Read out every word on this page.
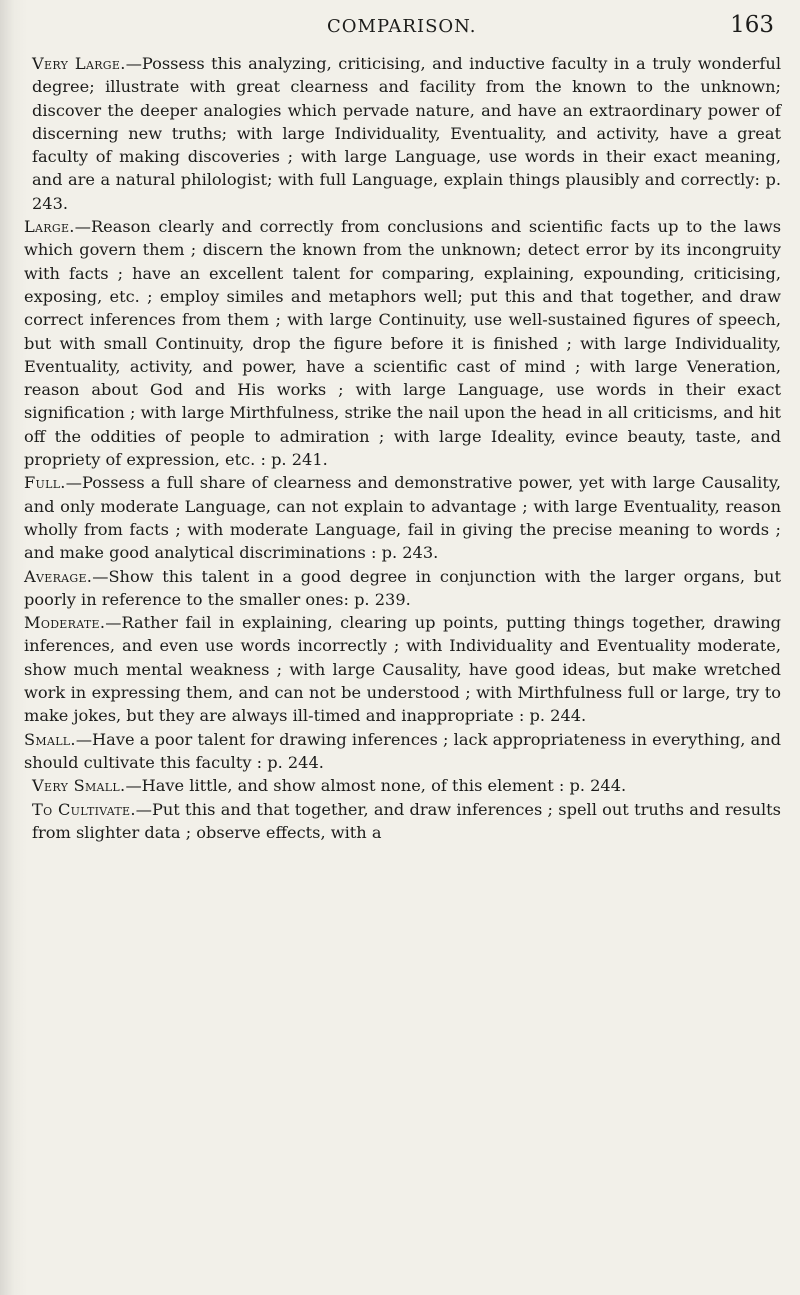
COMPARISON.	163

Very Large.—Possess this analyzing, criticising, and inductive faculty in a truly wonderful degree; illustrate with great clearness and facility from the known to the unknown; discover the deeper analogies which pervade nature, and have an extraordinary power of discerning new truths; with large Individuality, Eventuality, and activity, have a great faculty of making discoveries ; with large Language, use words in their exact meaning, and are a natural philologist; with full Language, explain things plausibly and correctly: p. 243.

Large.—Reason clearly and correctly from conclusions and scientific facts up to the laws which govern them ; discern the known from the unknown; detect error by its incongruity with facts ; have an excellent talent for comparing, explaining, expounding, criticising, exposing, etc. ; employ similes and metaphors well; put this and that together, and draw correct inferences from them ; with large Continuity, use well-sustained figures of speech, but with small Continuity, drop the figure before it is finished ; with large Individuality, Eventuality, activity, and power, have a scientific cast of mind ; with large Veneration, reason about God and His works ; with large Language, use words in their exact signification ; with large Mirthfulness, strike the nail upon the head in all criticisms, and hit off the oddities of people to admiration ; with large Ideality, evince beauty, taste, and propriety of expression, etc. : p. 241.

Full.—Possess a full share of clearness and demonstrative power, yet with large Causality, and only moderate Language, can not explain to advantage ; with large Eventuality, reason wholly from facts ; with moderate Language, fail in giving the precise meaning to words ; and make good analytical discriminations : p. 243.

Average.—Show this talent in a good degree in conjunction with the larger organs, but poorly in reference to the smaller ones: p. 239.

Moderate.—Rather fail in explaining, clearing up points, putting things together, drawing inferences, and even use words incorrectly ; with Individuality and Eventuality moderate, show much mental weakness ; with large Causality, have good ideas, but make wretched work in expressing them, and can not be understood ; with Mirthfulness full or large, try to make jokes, but they are always ill-timed and inappropriate : p. 244.

Small.—Have a poor talent for drawing inferences ; lack appropriateness in everything, and should cultivate this faculty : p. 244.

Very Small.—Have little, and show almost none, of this element : p. 244.

To Cultivate.—Put this and that together, and draw inferences ; spell out truths and results from slighter data ; observe effects, with a
